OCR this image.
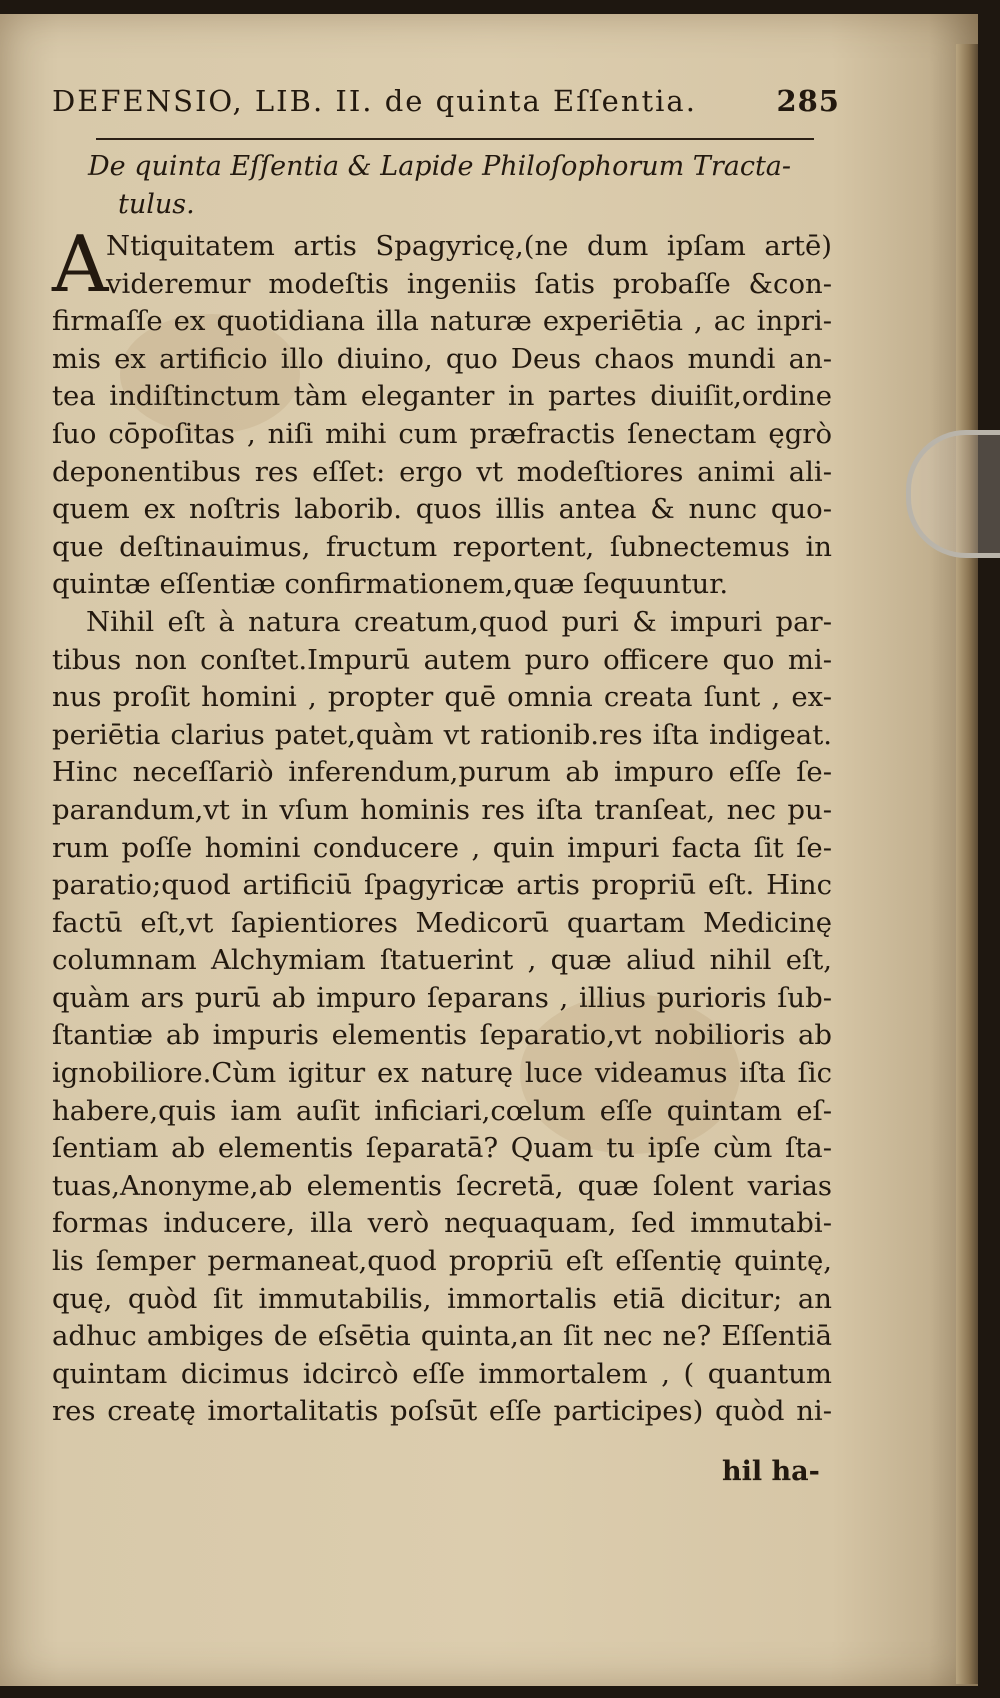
DEFENSIO, LIB. II. de quinta Eſſentia.	285
De quinta Eſſentia & Lapide Philoſophorum Tracta-
tulus.
A
Ntiquitatem artis Spagyricę,(ne dum ipſam artē)
videremur modeſtis ingeniis ſatis probaſſe &con-
firmaſſe ex quotidiana illa naturæ experiētia , ac inpri-
mis ex artificio illo diuino, quo Deus chaos mundi an-
tea indiſtinctum tàm eleganter in partes diuiſit,ordine
ſuo cōpoſitas , niſi mihi cum præfractis ſenectam ęgrò
deponentibus res eſſet: ergo vt modeſtiores animi ali-
quem ex noſtris laborib. quos illis antea & nunc quo-
que deſtinauimus, fructum reportent, ſubnectemus in
quintæ eſſentiæ confirmationem,quæ ſequuntur.
Nihil eſt à natura creatum,quod puri & impuri par-
tibus non conſtet.Impurū autem puro officere quo mi-
nus proſit homini , propter quē omnia creata ſunt , ex-
periētia clarius patet,quàm vt rationib.res iſta indigeat.
Hinc neceſſariò inferendum,purum ab impuro eſſe ſe-
parandum,vt in vſum hominis res iſta tranſeat, nec pu-
rum poſſe homini conducere , quin impuri facta ſit ſe-
paratio;quod artificiū ſpagyricæ artis propriū eſt. Hinc
factū eſt,vt ſapientiores Medicorū quartam Medicinę
columnam Alchymiam ſtatuerint , quæ aliud nihil eſt,
quàm ars purū ab impuro ſeparans , illius purioris ſub-
ſtantiæ ab impuris elementis ſeparatio,vt nobilioris ab
ignobiliore.Cùm igitur ex naturę luce videamus iſta ſic
habere,quis iam auſit inficiari,cœlum eſſe quintam eſ-
ſentiam ab elementis ſeparatā? Quam tu ipſe cùm ſta-
tuas,Anonyme,ab elementis ſecretā, quæ ſolent varias
formas inducere, illa verò nequaquam, ſed immutabi-
lis ſemper permaneat,quod propriū eſt eſſentię quintę,
quę, quòd ſit immutabilis, immortalis etiā dicitur; an
adhuc ambiges de eſsētia quinta,an ſit nec ne? Eſſentiā
quintam dicimus idcircò eſſe immortalem , ( quantum
res creatę imortalitatis poſsūt eſſe participes) quòd ni-
hil ha-
